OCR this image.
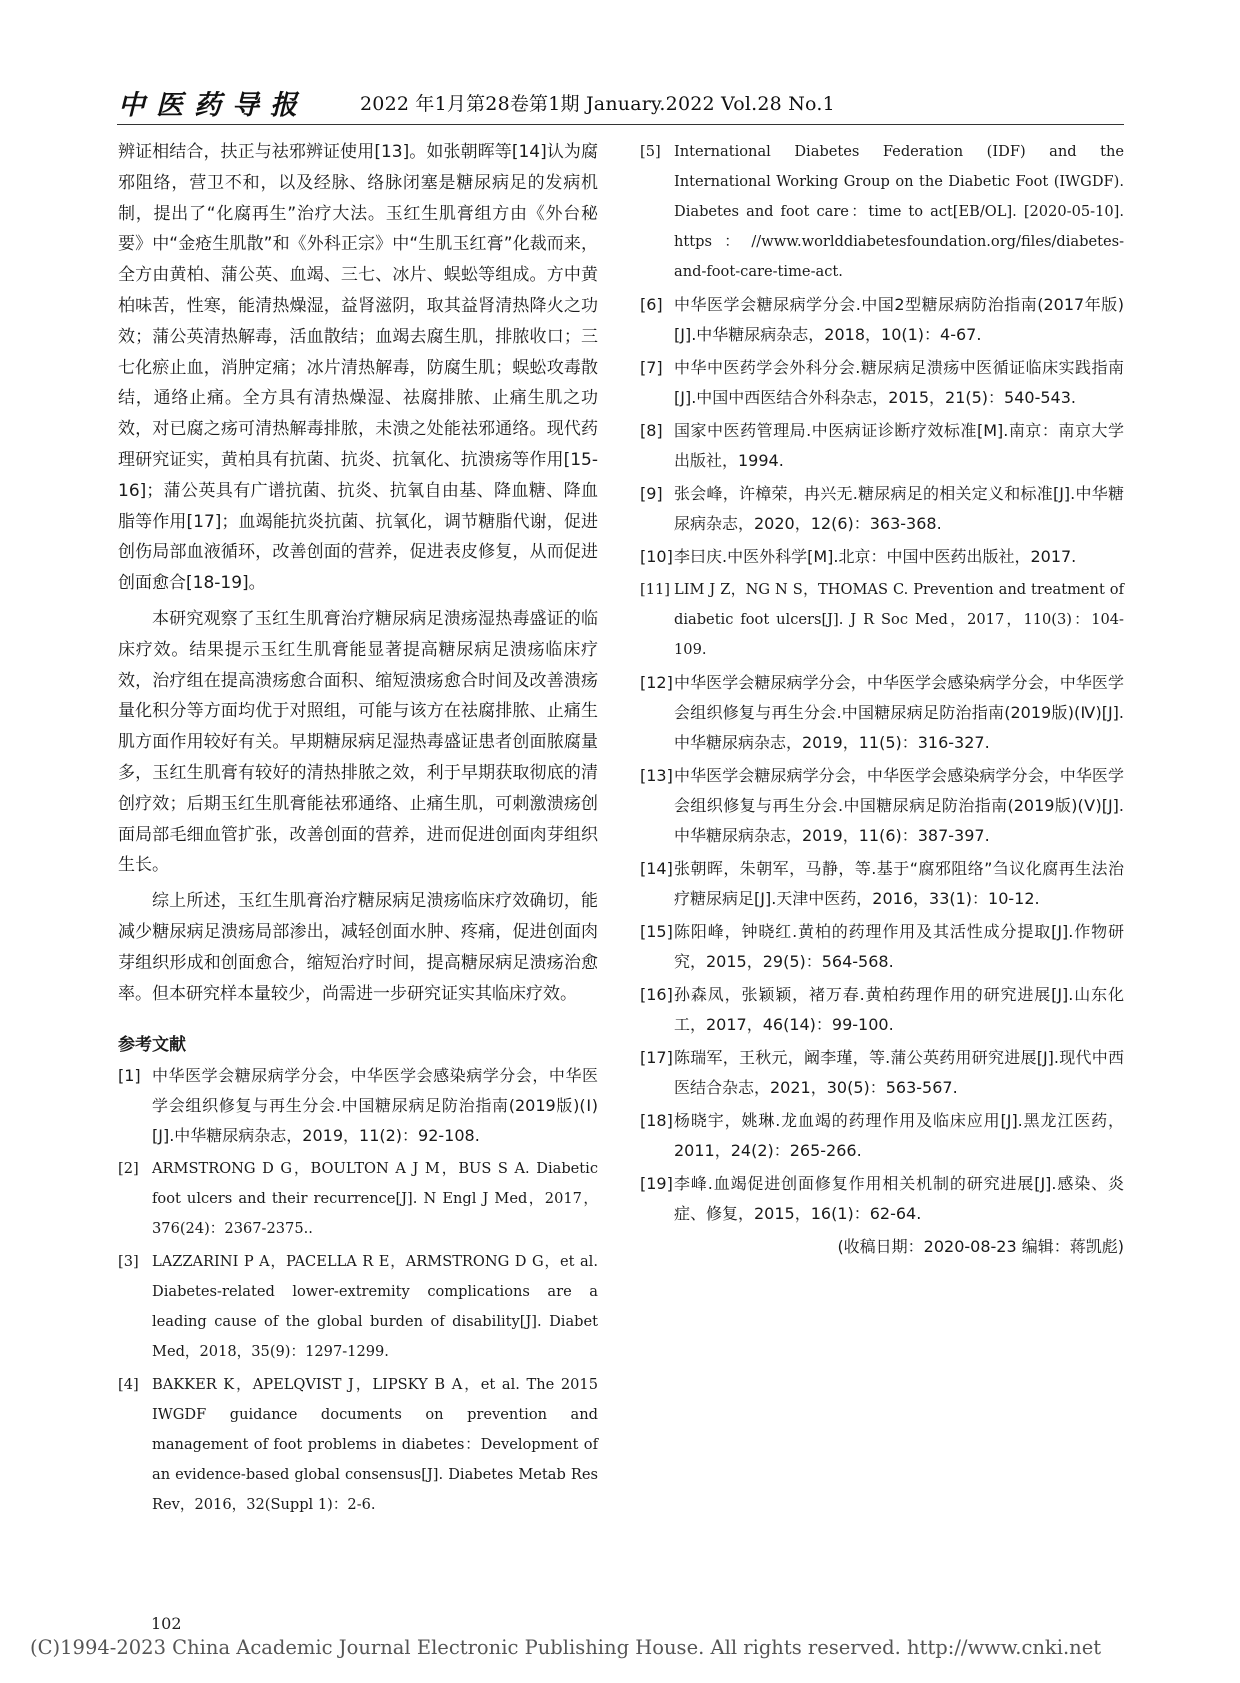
中医药导报	2022 年1月第28卷第1期 January.2022 Vol.28 No.1

辨证相结合，扶正与祛邪辨证使用[13]。如张朝晖等[14]认为腐邪阻络，营卫不和，以及经脉、络脉闭塞是糖尿病足的发病机制，提出了“化腐再生”治疗大法。玉红生肌膏组方由《外台秘要》中“金疮生肌散”和《外科正宗》中“生肌玉红膏”化裁而来，全方由黄柏、蒲公英、血竭、三七、冰片、蜈蚣等组成。方中黄柏味苦，性寒，能清热燥湿，益肾滋阴，取其益肾清热降火之功效；蒲公英清热解毒，活血散结；血竭去腐生肌，排脓收口；三七化瘀止血，消肿定痛；冰片清热解毒，防腐生肌；蜈蚣攻毒散结，通络止痛。全方具有清热燥湿、祛腐排脓、止痛生肌之功效，对已腐之疡可清热解毒排脓，未溃之处能祛邪通络。现代药理研究证实，黄柏具有抗菌、抗炎、抗氧化、抗溃疡等作用[15-16]；蒲公英具有广谱抗菌、抗炎、抗氧自由基、降血糖、降血脂等作用[17]；血竭能抗炎抗菌、抗氧化，调节糖脂代谢，促进创伤局部血液循环，改善创面的营养，促进表皮修复，从而促进创面愈合[18-19]。

本研究观察了玉红生肌膏治疗糖尿病足溃疡湿热毒盛证的临床疗效。结果提示玉红生肌膏能显著提高糖尿病足溃疡临床疗效，治疗组在提高溃疡愈合面积、缩短溃疡愈合时间及改善溃疡量化积分等方面均优于对照组，可能与该方在祛腐排脓、止痛生肌方面作用较好有关。早期糖尿病足湿热毒盛证患者创面脓腐量多，玉红生肌膏有较好的清热排脓之效，利于早期获取彻底的清创疗效；后期玉红生肌膏能祛邪通络、止痛生肌，可刺激溃疡创面局部毛细血管扩张，改善创面的营养，进而促进创面肉芽组织生长。

综上所述，玉红生肌膏治疗糖尿病足溃疡临床疗效确切，能减少糖尿病足溃疡局部渗出，减轻创面水肿、疼痛，促进创面肉芽组织形成和创面愈合，缩短治疗时间，提高糖尿病足溃疡治愈率。但本研究样本量较少，尚需进一步研究证实其临床疗效。

参考文献
[1] 中华医学会糖尿病学分会，中华医学会感染病学分会，中华医学会组织修复与再生分会.中国糖尿病足防治指南(2019版)(Ⅰ)[J].中华糖尿病杂志，2019，11(2)：92-108.
[2] ARMSTRONG D G，BOULTON A J M，BUS S A. Diabetic foot ulcers and their recurrence[J]. N Engl J Med，2017，376(24)：2367-2375..
[3] LAZZARINI P A，PACELLA R E，ARMSTRONG D G，et al. Diabetes-related lower-extremity complications are a leading cause of the global burden of disability[J]. Diabet Med，2018，35(9)：1297-1299.
[4] BAKKER K，APELQVIST J，LIPSKY B A，et al. The 2015 IWGDF guidance documents on prevention and management of foot problems in diabetes：Development of an evidence-based global consensus[J]. Diabetes Metab Res Rev，2016，32(Suppl 1)：2-6.
[5] International Diabetes Federation (IDF) and the International Working Group on the Diabetic Foot (IWGDF). Diabetes and foot care：time to act[EB/OL]. [2020-05-10]. https：//www.worlddiabetesfoundation.org/files/diabetes-and-foot-care-time-act.
[6] 中华医学会糖尿病学分会.中国2型糖尿病防治指南(2017年版)[J].中华糖尿病杂志，2018，10(1)：4-67.
[7] 中华中医药学会外科分会.糖尿病足溃疡中医循证临床实践指南[J].中国中西医结合外科杂志，2015，21(5)：540-543.
[8] 国家中医药管理局.中医病证诊断疗效标准[M].南京：南京大学出版社，1994.
[9] 张会峰，许樟荣，冉兴无.糖尿病足的相关定义和标准[J].中华糖尿病杂志，2020，12(6)：363-368.
[10] 李曰庆.中医外科学[M].北京：中国中医药出版社，2017.
[11] LIM J Z，NG N S，THOMAS C. Prevention and treatment of diabetic foot ulcers[J]. J R Soc Med，2017，110(3)：104-109.
[12] 中华医学会糖尿病学分会，中华医学会感染病学分会，中华医学会组织修复与再生分会.中国糖尿病足防治指南(2019版)(Ⅳ)[J].中华糖尿病杂志，2019，11(5)：316-327.
[13] 中华医学会糖尿病学分会，中华医学会感染病学分会，中华医学会组织修复与再生分会.中国糖尿病足防治指南(2019版)(Ⅴ)[J].中华糖尿病杂志，2019，11(6)：387-397.
[14] 张朝晖，朱朝军，马静，等.基于“腐邪阻络”刍议化腐再生法治疗糖尿病足[J].天津中医药，2016，33(1)：10-12.
[15] 陈阳峰，钟晓红.黄柏的药理作用及其活性成分提取[J].作物研究，2015，29(5)：564-568.
[16] 孙森凤，张颖颖，褚万春.黄柏药理作用的研究进展[J].山东化工，2017，46(14)：99-100.
[17] 陈瑞军，王秋元，阚李瑾，等.蒲公英药用研究进展[J].现代中西医结合杂志，2021，30(5)：563-567.
[18] 杨晓宇，姚琳.龙血竭的药理作用及临床应用[J].黑龙江医药，2011，24(2)：265-266.
[19] 李峰.血竭促进创面修复作用相关机制的研究进展[J].感染、炎症、修复，2015，16(1)：62-64.
(收稿日期：2020-08-23 编辑：蒋凯彪)
102
(C)1994-2023 China Academic Journal Electronic Publishing House. All rights reserved. http://www.cnki.net
